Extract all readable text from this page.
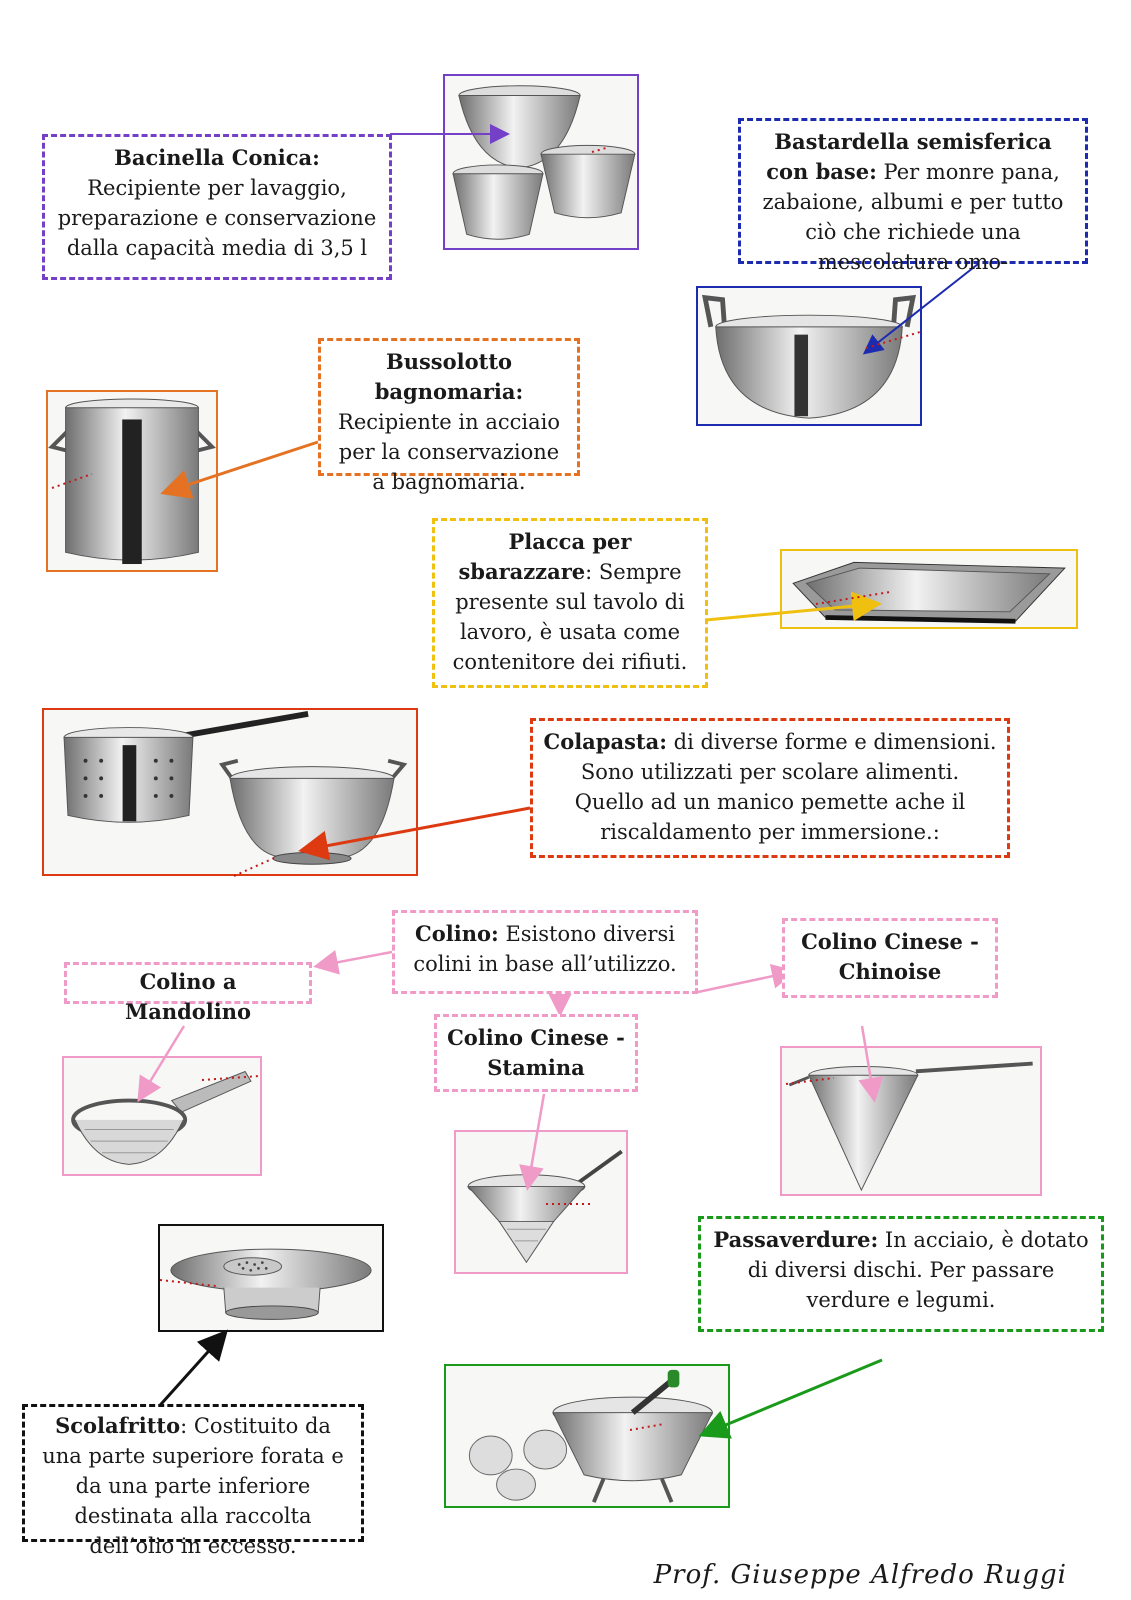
Bacinella Conica: Recipiente per lavaggio, preparazione e conservazione dalla capacità media di 3,5 l
Bastardella semisferica con base: Per monre pana, zabaione, albumi e per tutto ciò che richiede una mescolatura omo-
Bussolotto bagnomaria: Recipiente in acciaio per la conservazione a bagnomaria.
Placca per sbarazzare: Sempre presente sul tavolo di lavoro, è usata come contenitore dei rifiuti.
Colapasta: di diverse forme e dimensioni. Sono utilizzati per scolare alimenti. Quello ad un manico pemette ache il riscaldamento per immersione.:
Colino: Esistono diversi colini in base all’utilizzo.
Colino a Mandolino
Colino Cinese - Stamina
Colino Cinese - Chinoise
Scolafritto: Costituito da una parte superiore forata e da una parte inferiore destinata alla raccolta dell’olio in eccesso.
Passaverdure: In acciaio, è dotato di diversi dischi. Per passare verdure e legumi.
Prof. Giuseppe Alfredo Ruggi
